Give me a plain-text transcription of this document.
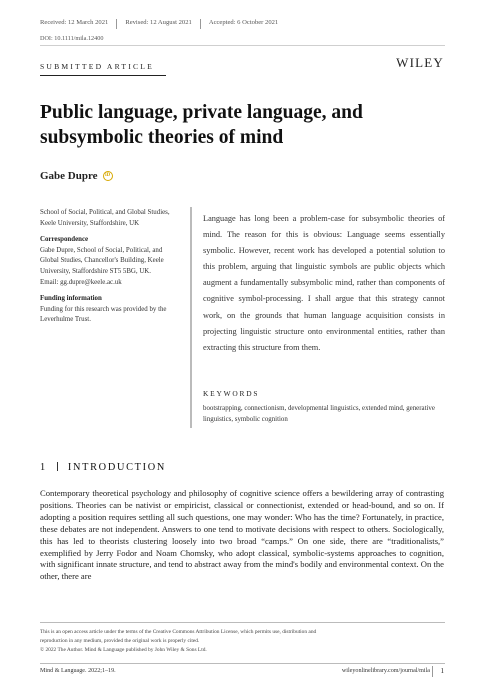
Received: 12 March 2021	Revised: 12 August 2021	Accepted: 6 October 2021
DOI: 10.1111/mila.12400
WILEY
SUBMITTED ARTICLE
Public language, private language, and subsymbolic theories of mind
Gabe Dupre	iD

School of Social, Political, and Global Studies, Keele University, Staffordshire, UK

Correspondence

Gabe Dupre, School of Social, Political, and Global Studies, Chancellor's Building, Keele University, Staffordshire ST5 5BG, UK.

Email: gg.dupre@keele.ac.uk

Funding information

Funding for this research was provided by the Leverhulme Trust.

Language has long been a problem-case for subsymbolic theories of mind. The reason for this is obvious: Language seems essentially symbolic. However, recent work has developed a potential solution to this problem, arguing that linguistic symbols are public objects which augment a fundamentally subsymbolic mind, rather than components of cognitive symbol-processing. I shall argue that this strategy cannot work, on the grounds that human language acquisition consists in projecting linguistic structure onto environmental entities, rather than extracting this structure from them.
KEYWORDS
bootstrapping, connectionism, developmental linguistics, extended mind, generative linguistics, symbolic cognition
1 INTRODUCTION
Contemporary theoretical psychology and philosophy of cognitive science offers a bewildering array of contrasting positions. Theories can be nativist or empiricist, classical or connectionist, extended or head-bound, and so on. If adopting a position requires settling all such questions, one may wonder: Who has the time? Fortunately, in practice, these debates are not independent. Answers to one tend to motivate decisions with respect to others. Sociologically, this has led to theorists clustering loosely into two broad “camps.” On one side, there are “traditionalists,” exemplified by Jerry Fodor and Noam Chomsky, who adopt classical, symbolic-systems approaches to cognition, with significant innate structure, and tend to abstract away from the mind's bodily and environmental context. On the other, there are
This is an open access article under the terms of the Creative Commons Attribution License, which permits use, distribution and
reproduction in any medium, provided the original work is properly cited.
© 2022 The Author. Mind & Language published by John Wiley & Sons Ltd.
Mind & Language. 2022;1–19.	wileyonlinelibrary.com/journal/mila 1
